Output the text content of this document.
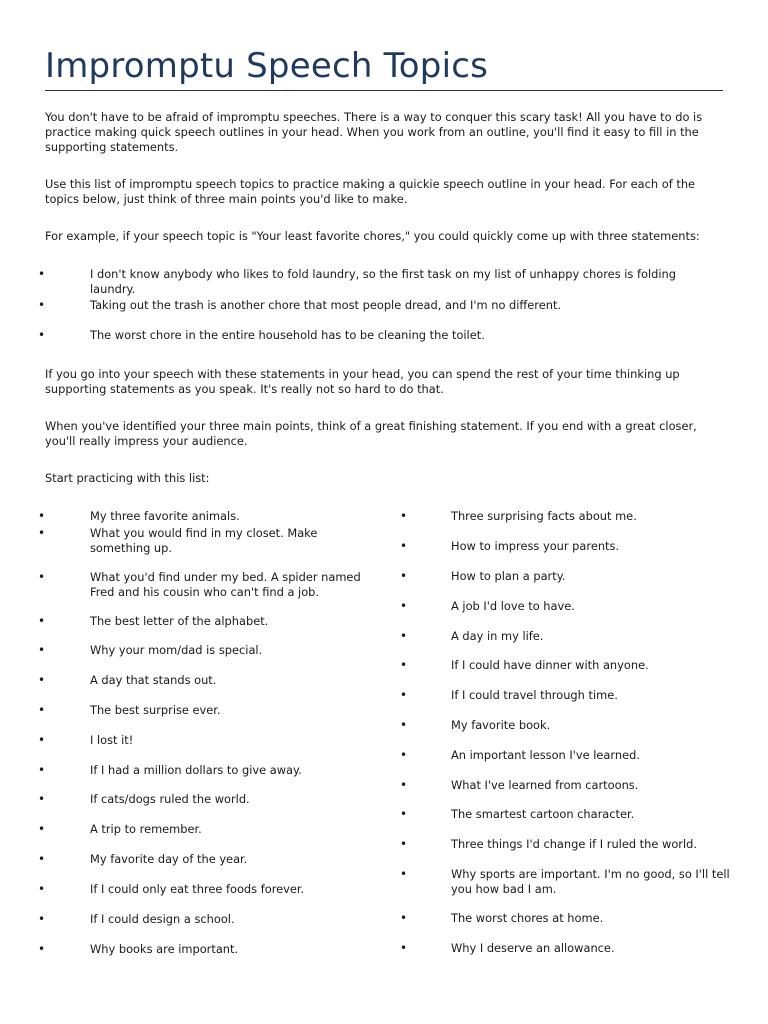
Impromptu Speech Topics

You don't have to be afraid of impromptu speeches. There is a way to conquer this scary task! All you have to do is practice making quick speech outlines in your head. When you work from an outline, you'll find it easy to fill in the supporting statements.

Use this list of impromptu speech topics to practice making a quickie speech outline in your head. For each of the topics below, just think of three main points you'd like to make.

For example, if your speech topic is "Your least favorite chores," you could quickly come up with three statements:

•	I don't know anybody who likes to fold laundry, so the first task on my list of unhappy chores is folding laundry.
•	Taking out the trash is another chore that most people dread, and I'm no different.
•	The worst chore in the entire household has to be cleaning the toilet.

If you go into your speech with these statements in your head, you can spend the rest of your time thinking up supporting statements as you speak. It's really not so hard to do that.

When you've identified your three main points, think of a great finishing statement. If you end with a great closer, you'll really impress your audience.

Start practicing with this list:

•	My three favorite animals.
•	What you would find in my closet. Make something up.
•	What you'd find under my bed. A spider named Fred and his cousin who can't find a job.
•	The best letter of the alphabet.
•	Why your mom/dad is special.
•	A day that stands out.
•	The best surprise ever.
•	I lost it!
•	If I had a million dollars to give away.
•	If cats/dogs ruled the world.
•	A trip to remember.
•	My favorite day of the year.
•	If I could only eat three foods forever.
•	If I could design a school.
•	Why books are important.
•	Three surprising facts about me.
•	How to impress your parents.
•	How to plan a party.
•	A job I'd love to have.
•	A day in my life.
•	If I could have dinner with anyone.
•	If I could travel through time.
•	My favorite book.
•	An important lesson I've learned.
•	What I've learned from cartoons.
•	The smartest cartoon character.
•	Three things I'd change if I ruled the world.
•	Why sports are important. I'm no good, so I'll tell you how bad I am.
•	The worst chores at home.
•	Why I deserve an allowance.
